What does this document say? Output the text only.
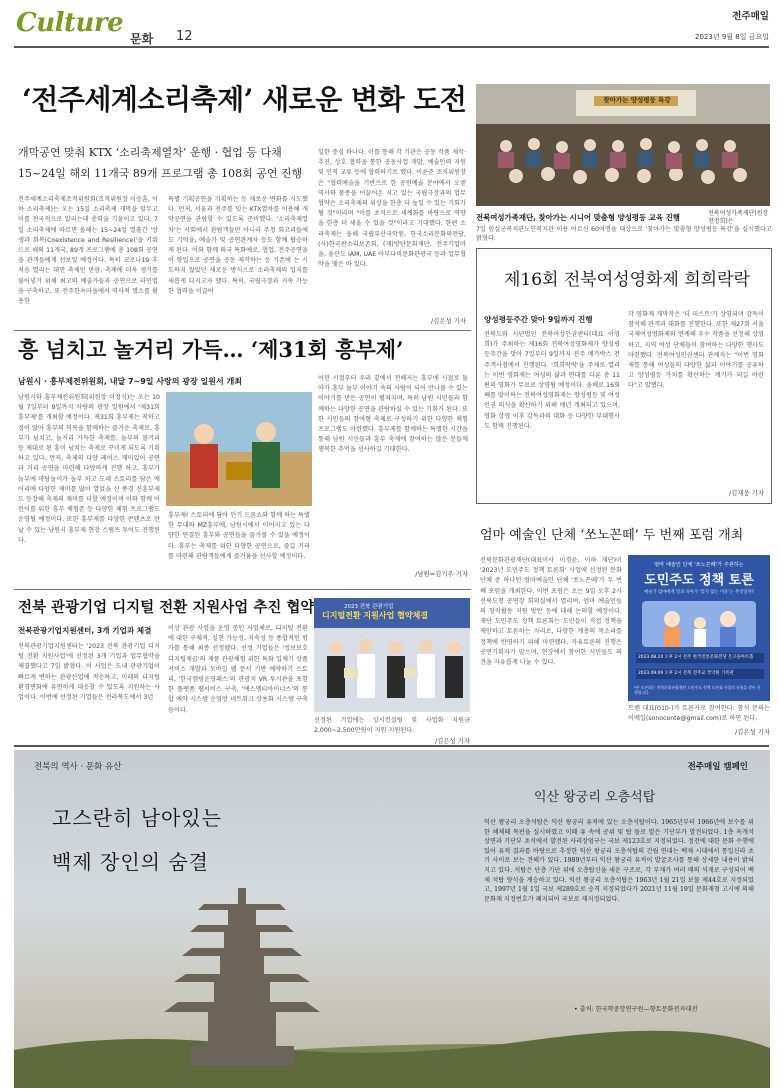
Culture
문화 12
전주매일
2023년 9월 8일 금요일
‘전주세계소리축제’ 새로운 변화 도전
개막공연 맞춰 KTX ‘소리축제열차’ 운행 · 협업 등 다채
15~24일 해외 11개국 89개 프로그램 총 108회 공연 진행
전주세계소리축제조직위원회(조직위원장 이승훈, 이하 소리축제)는 오는 15일 소리축제 개막을 앞두고 이를 전국적으로 알리는데 총력을 기울이고 있다. 7일 소리축제에 따르면 올해는 15~24일 열흘간 '상생과 회복(Coexistence and Resilience)'을 키워드로 해외 11개국, 89개 프로그램에 총 108회 공연을 관객들에게 선보일 예정이다. 특히 코로나19 후 처음 열리는 대면 축제인 만큼, 축제에 더욱 생기를 불어넣기 위해 최고의 예술가들과 공연으로 라인업을 구축하고, 또 전주한옥마을에서 역사적 명소를 활용한
특별 기획공연을 기획하는 등 새로운 변화를 시도했다. 먼저, 서울과 전주를 잇는 KTX열차를 이용해 개막공연을 관람할 수 있도록 준비했다. '소리축제열차'는 사회에서 관람객들만 아니라 주청 회고리들에도 기억을, 예술가 및 공연관계자 등도 함께 탑승하게 된다. 이와 함께 외국 특화예로, 협업, 전주공연을 이 향업으로 공연을 공동 제작하는 등 기존에 는 시도하지 않았던 새로운 방식으로 소리축제의 입지를 새롭게 다지고자 했다. 특히, 국립극장과 지속 가능한 협력을 이끌어
일한 중심 하나다. 이를 통해 각 기관은 공동 작품 제작·추진, 상호 협력을 통한 공동사업 개발, 예술인력 지원 및 인적 교류 등에 협력하기로 했다. 이윤준 조직위원장은 "협력예술을 기반으로 한 공연예술 분야에서 오랜 역사와 품종을 이끌어온 지고 있는 국립극장과의 업무협약은 소리축제의 위상을 한층 더 높일 수 있는 기회가 될 것"이라며 "이를 초석으로 세계화를 바탕으로 역량을 한층 더 세울 수 있을 것"이라고 기대했다. 한편 소리축제는 올해 국립부산국악원, 한국소리문화의전당, (사)한국판소리보존회, (재)방탄문화재단, 전주기업마을, 울산도 IAM, UAE 아부다비문화관광국 등과 업무협약을 맺은 바 있다.
/김은성 기자
찾아가는 양성평등 특강
전북여성가족재단, 찾아가는 시니어 맞춤형 양성평등 교육 진행	전북여성가족재단(원장 천청희)은
7일 임실군복지관노인복지관 이용 어르신 60여명을 대상으로 '찾아가는 맞춤형 양성평등 특강'을 실시했다고 밝혔다.
흥 넘치고 놀거리 가득… ‘제31회 흥부제’
남원시 · 흥부제전위원회, 내달 7~9일 사랑의 광장 일원서 개최
남원시와 흥부제전위원회(위원장 이정식)는 오는 10월 7일부터 9일까지 사랑의 광장 일원에서 '제31회 흥부제'를 개최할 예정이다. 제31회 흥부제는 착하고 정이 많아 흥부의 덕목을 함께하는 즐거운 축제로, 흥부가 넘치고, 놀거리 가득한 축제를, 놀부의 볼거리 등 제대로 된 흥이 넘치는 축제로 꾸미게 되도록 기획하고 있다. 먼저, 축제의 다양 레이스 재미있어 공연과 거리 공연을 마련해 다양하게 진행 하고, 흥부가 놀부에 마당놀이가 놀부 하고 도래 스토리를 담은 에어리에 다양한 재미를 많이 열었을 신 풍경 신흥부제도 등장해 축제의 재미를 더할 예정이며 이와 함께 어린이를 위한 흥부 체험존 등 다양한 체험 프로그램도 운영될 예정이다. 또한 흥부제를 다양한 콘텐츠로 만날 수 있는 남원시 흥부제 현장 스탬프 투어도 진행된다.
흥부제! 스토리에 담아 인기 드론쇼와 함께 하는 특별한 무대와 MZ흥부에, 남원시에서 이어지고 있는 다양한 연결된 흥부와 공연들을 즐겨볼 수 있을 예정이다. 흥부는 축제를 위한 다양한 공연으로, 즐길 거리를 마련해 관람객들에게 즐거움을 선사할 예정이다.
어린 시절부터 우리 곁에서 전해지는 흥부에 시절로 돌아가 흥부 놀부 이야기 속의 사람이 되어 만나볼 수 있는 이야기를 만든 공연이 펼쳐지며, 특히 남원 시민들과 함께하는 다양한 공연을 관람하실 수 있는 기회가 된다. 또한 시민들의 참여형 축제로 구성하기 위한 다양한 체험 프로그램도 마련했다. 흥부제를 함께하는 특별한 시간을 통해 남원 시민들과 흥부 축제에 참여하는 많은 분들께 행복한 추억을 선사하길 기대한다.
/남원=김기주 기자
제16회 전북여성영화제 희희락락
양성평등주간 맞아 9일까지 진행
전북도와 사단법인 전북여성인권센터(대표 이영희)가 주최하는 제16회 전북여성영화제가 양성평등주간을 맞아 7일부터 9일까지 전주 메가박스 전주객사점에서 진행된다. '희희락락'을 주제로 열리는 이번 영화제는 여성의 삶과 연대를 다룬 총 11편의 영화가 무료로 상영될 예정이다. 올해로 16회째를 맞이하는 전북여성영화제는 양성평등 및 여성인권 의식을 확산하기 위해 매년 개최되고 있으며, 영화 상영 이후 감독과의 대화 등 다양한 부대행사도 함께 진행된다.
각 영화제 개막작은 '더 피스트'가 상영되며 감독이 참석해 관객과 대화를 진행한다. 또한 제27회 서울국제여성영화제와 연계해 우수 작품을 선정해 상영하고, 지역 여성 단체들이 참여하는 다양한 행사도 마련했다. 전북여성인권센터 관계자는 "이번 영화제를 통해 여성들의 다양한 삶과 이야기를 공유하고 양성평등 가치를 확산하는 계기가 되길 바란다"고 말했다.
/김재웅 기자
엄마 예술인 단체 ‘쏘노꼰떼’ 두 번째 포럼 개최
전북문화관광재단(대표이사 이경윤, 이하 재단)이 '2023년 도민주도 정책 토론회' 사업에 선정된 문화단체 중 하나인 엄마예술인 단체 '쏘노꼰떼'가 두 번째 포럼을 개최한다. 이번 포럼은 오는 9일 오후 2시 전북도청 공연장 회의실에서 열리며, 엄마 예술인들의 창작활동 지원 방안 등에 대해 논의할 예정이다. 재단 도민주도 정책 토론회는 도민들이 직접 정책을 제안하고 토론하는 자리로, 다양한 계층의 목소리를 정책에 반영하기 위해 마련됐다. 자유토론의 진행은 공연기획자가 맡으며, 현장에서 참여한 시민들도 의견을 자유롭게 나눌 수 있다.
트렌 대표(010-)가 토론자로 참여한다. 참석 문의는 이메일(sonoconte@gmail.com)로 하면 된다.
/김은성 기자
엄마 예술인 단체 '쏘노꼰떼'가 주관하는
도민주도 정책 토론
예술가 엄마에게 일과 육아가 '맞지 않는 이유'는 무엇일까?
2023.08.24 오후 2시 전주 한국전통문화전당 온고을아트홀
2023.09.09 오후 2시 전북 전주교 국악원 기록관
*본 토론회는 전북문화관광재단 도민주도 정책 토론회 사업의 지원을 받아 진행됩니다.
전북 관광기업 디지털 전환 지원사업 추진 협약
전북관광기업지원센터, 3개 기업과 체결
전북관광기업지원센터는 '2023 전북 관광기업 디지털 전환 지원사업'에 선정된 3개 기업과 업무협약을 체결했다고 7일 밝혔다. 이 사업은 도내 관광기업이 빠르게 변하는 관광산업에 적응하고, 미래의 디지털 환경변화에 유연하게 대응할 수 있도록 지원하는 사업이다. 이번에 선정된 기업들은 전라북도에서 3년
이상 관광 사업을 운영 중인 사업체로, 디지털 전환에 대한 구체적, 실현 가능성, 지속성 등 종합적인 평가를 통해 최종 선정됐다. 선정 기업들은 '정보보호디지털제곱'의 제품 관광체험 위한 특화 입체기 상품 서비스 개발과 모바일 웹 문서 기반 예약하기 스토리, '한국캠핑운영패스'의 관광지 VR 투시관을 포함한 플랫폼 웹서비스 구축, '에스엠티아이너스'의 통합 예약 시스템 운영망 네트워크 상용화 시스템 구축 등이다.
선정된 기업에는 상시컨설팅 및 사업화 지원금 2,000~2,500만원이 지원 지원된다.
/김은성 기자
2023 전북 관광기업
디지털전환 지원사업 협약체결
전북의 역사 · 문화 유산	전주매일 캠페인
고스란히 남아있는
백제 장인의 숨결
익산 왕궁리 오층석탑
익산 왕궁리 오층석탑은 익산 왕궁리 유적에 있는 오층석탑이다. 1965년부터 1966년에 보수를 위한 해체때 목판을 실시하였고 이때 유 속에 공위 및 탑 돌로 발은 기단부가 발견되었다. 1층 옥개석 상면과 기단부 초석에서 발견된 사리장엄구는 국보 제123호로 지정되었다. 정전에 대한 문화 수행에 있어 유적 결과를 바탕으로 추정한 익산 왕궁리 오층석탑의 건립 연대는 백제 시대에서 통일신라 초기 사이로 보는 견해가 있다. 1989년부터 익산 왕궁리 유적이 발굴조사를 통해 상세한 내용이 밝혀지고 있다. 석탑은 단층 기단 위에 오층탑신을 세운 구조로, 각 부재가 여러 매의 석재로 구성되어 백제 석탑 양식을 계승하고 있다. 익산 왕궁리 오층석탑은 1963년 1월 21일 보물 제44호로 지정되었고, 1997년 1월 1일 국보 제289호로 승격 지정되었다가 2021년 11월 19일 문화재청 고시에 의해 문화재 지정번호가 폐지되어 국보로 재지정되었다.
• 출처: 한국학중앙연구원—향토문화전자대전
